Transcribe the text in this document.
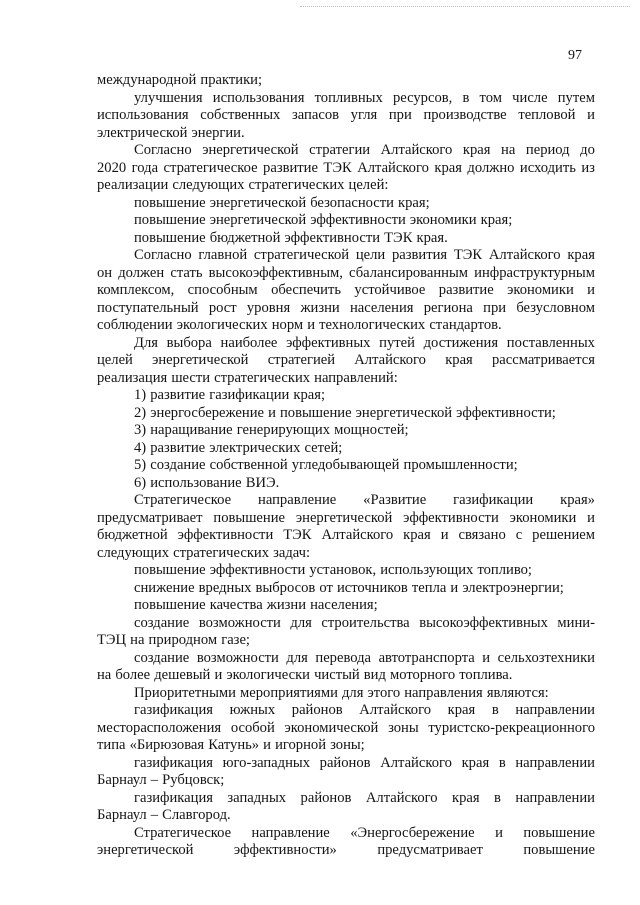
97
международной практики;
улучшения использования топливных ресурсов, в том числе путем
использования собственных запасов угля при производстве тепловой и
электрической энергии.
Согласно энергетической стратегии Алтайского края на период до
2020 года стратегическое развитие ТЭК Алтайского края должно исходить из
реализации следующих стратегических целей:
повышение энергетической безопасности края;
повышение энергетической эффективности экономики края;
повышение бюджетной эффективности ТЭК края.
Согласно главной стратегической цели развития ТЭК Алтайского края
он должен стать высокоэффективным, сбалансированным инфраструктурным
комплексом, способным обеспечить устойчивое развитие экономики и
поступательный рост уровня жизни населения региона при безусловном
соблюдении экологических норм и технологических стандартов.
Для выбора наиболее эффективных путей достижения поставленных
целей энергетической стратегией Алтайского края рассматривается
реализация шести стратегических направлений:
1) развитие газификации края;
2) энергосбережение и повышение энергетической эффективности;
3) наращивание генерирующих мощностей;
4) развитие электрических сетей;
5) создание собственной угледобывающей промышленности;
6) использование ВИЭ.
Стратегическое направление «Развитие газификации края»
предусматривает повышение энергетической эффективности экономики и
бюджетной эффективности ТЭК Алтайского края и связано с решением
следующих стратегических задач:
повышение эффективности установок, использующих топливо;
снижение вредных выбросов от источников тепла и электроэнергии;
повышение качества жизни населения;
создание возможности для строительства высокоэффективных мини-
ТЭЦ на природном газе;
создание возможности для перевода автотранспорта и сельхозтехники
на более дешевый и экологически чистый вид моторного топлива.
Приоритетными мероприятиями для этого направления являются:
газификация южных районов Алтайского края в направлении
месторасположения особой экономической зоны туристско-рекреационного
типа «Бирюзовая Катунь» и игорной зоны;
газификация юго-западных районов Алтайского края в направлении
Барнаул – Рубцовск;
газификация западных районов Алтайского края в направлении
Барнаул – Славгород.
Стратегическое направление «Энергосбережение и повышение
энергетической	эффективности»	предусматривает	повышение
